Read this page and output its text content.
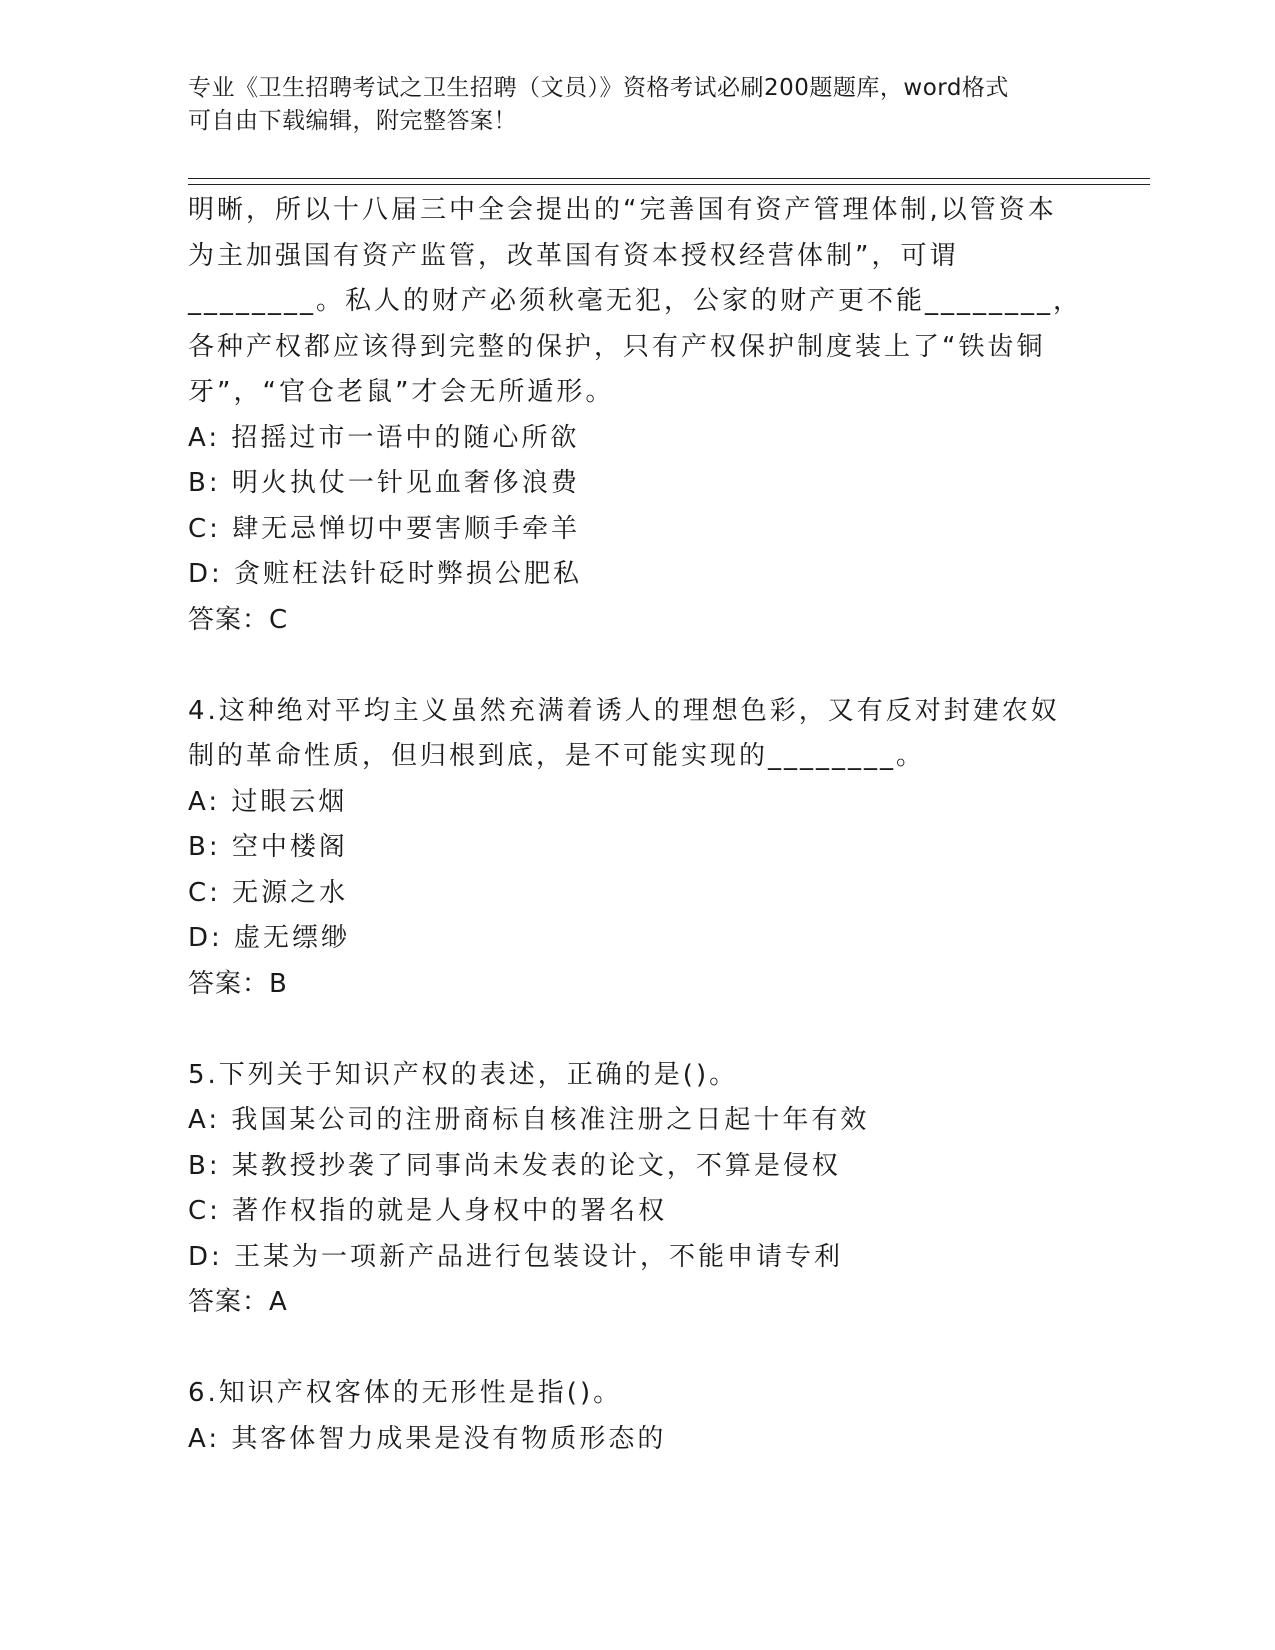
专业《卫生招聘考试之卫生招聘（文员）》资格考试必刷200题题库，word格式
可自由下载编辑，附完整答案！
明晰，所以十八届三中全会提出的“完善国有资产管理体制,以管资本
为主加强国有资产监管，改革国有资本授权经营体制”，可谓
________。私人的财产必须秋毫无犯，公家的财产更不能________，
各种产权都应该得到完整的保护，只有产权保护制度装上了“铁齿铜
牙”，“官仓老鼠”才会无所遁形。
A: 招摇过市一语中的随心所欲
B: 明火执仗一针见血奢侈浪费
C: 肆无忌惮切中要害顺手牵羊
D: 贪赃枉法针砭时弊损公肥私
答案：C
4.这种绝对平均主义虽然充满着诱人的理想色彩，又有反对封建农奴
制的革命性质，但归根到底，是不可能实现的________。
A: 过眼云烟
B: 空中楼阁
C: 无源之水
D: 虚无缥缈
答案：B
5.下列关于知识产权的表述，正确的是()。
A: 我国某公司的注册商标自核准注册之日起十年有效
B: 某教授抄袭了同事尚未发表的论文，不算是侵权
C: 著作权指的就是人身权中的署名权
D: 王某为一项新产品进行包装设计，不能申请专利
答案：A
6.知识产权客体的无形性是指()。
A: 其客体智力成果是没有物质形态的
